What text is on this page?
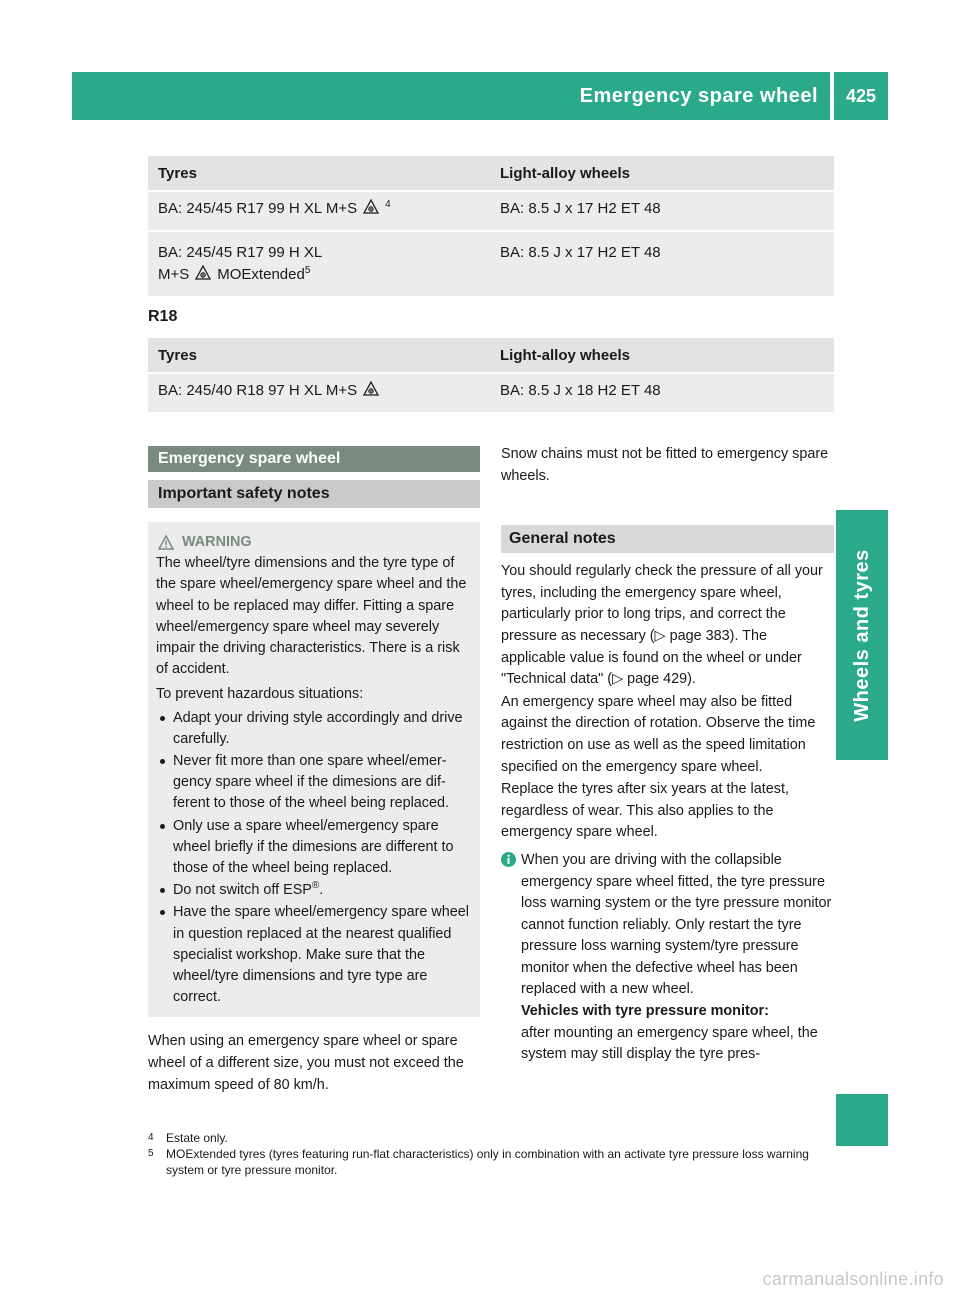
Emergency spare wheel	425
Wheels and tyres
Tyres	Light-alloy wheels
BA: 245/45 R17 99 H XL M+S $^4$	BA: 8.5 J x 17 H2 ET 48

BA: 245/45 R17 99 H XL
M+S MOExtended$^5$	BA: 8.5 J x 17 H2 ET 48
R18
Tyres	Light-alloy wheels
BA: 245/40 R18 97 H XL M+S	BA: 8.5 J x 18 H2 ET 48
Emergency spare wheel
Important safety notes
WARNING

The wheel/tyre dimensions and the tyre type of the spare wheel/emergency spare wheel and the wheel to be replaced may differ. Fitting a spare wheel/emergency spare wheel may severely impair the driving characteristics. There is a risk of accident.

To prevent hazardous situations:

Adapt your driving style accordingly and drive carefully.
Never fit more than one spare wheel/emergency spare wheel if the dimesions are different to those of the wheel being replaced.
Only use a spare wheel/emergency spare wheel briefly if the dimesions are different to those of the wheel being replaced.
Do not switch off ESP®.
Have the spare wheel/emergency spare wheel in question replaced at the nearest qualified specialist workshop. Make sure that the wheel/tyre dimensions and tyre type are correct.

When using an emergency spare wheel or spare wheel of a different size, you must not exceed the maximum speed of 80 km/h.

Snow chains must not be fitted to emergency spare wheels.

General notes

You should regularly check the pressure of all your tyres, including the emergency spare wheel, particularly prior to long trips, and correct the pressure as necessary (▷ page 383). The applicable value is found on the wheel or under "Technical data" (▷ page 429).

An emergency spare wheel may also be fitted against the direction of rotation. Observe the time restriction on use as well as the speed limitation specified on the emergency spare wheel.

Replace the tyres after six years at the latest, regardless of wear. This also applies to the emergency spare wheel.

When you are driving with the collapsible emergency spare wheel fitted, the tyre pressure loss warning system or the tyre pressure monitor cannot function reliably. Only restart the tyre pressure loss warning system/tyre pressure monitor when the defective wheel has been replaced with a new wheel.

Vehicles with tyre pressure monitor:

after mounting an emergency spare wheel, the system may still display the tyre pres-

4	Estate only.
5	MOExtended tyres (tyres featuring run-flat characteristics) only in combination with an activate tyre pressure loss warning system or tyre pressure monitor.
carmanualsonline.info
